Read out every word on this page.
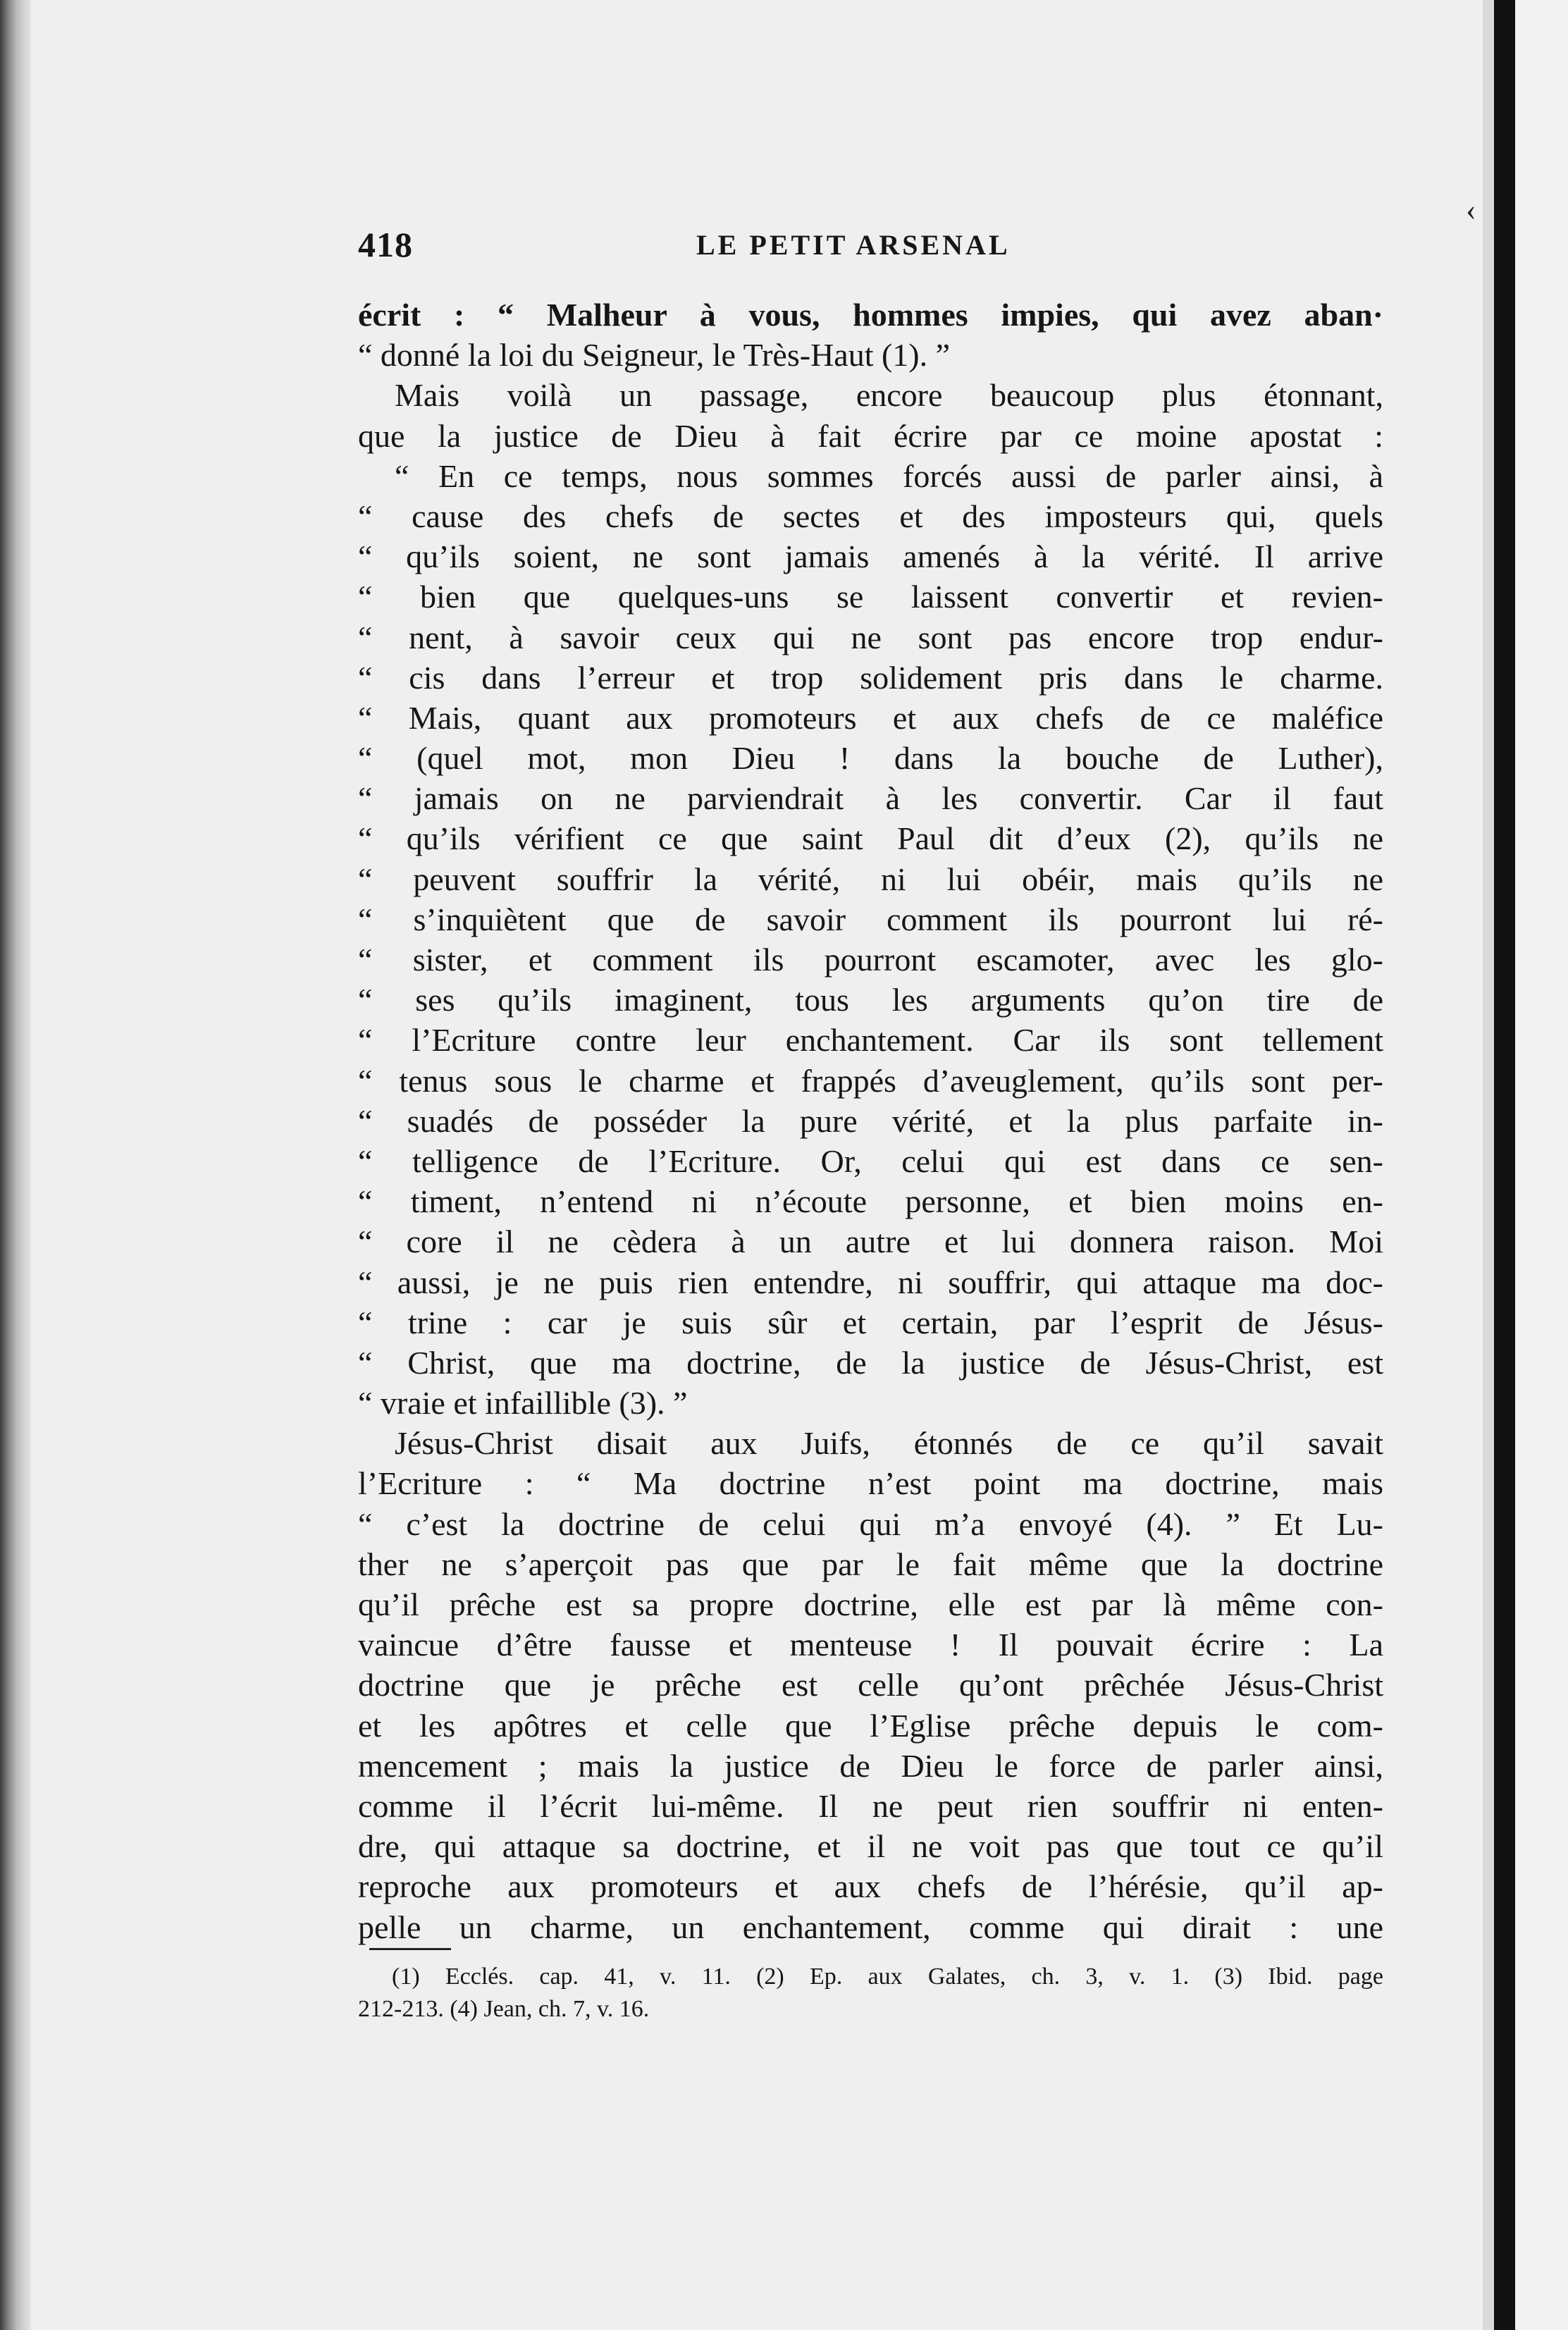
‹
418	LE PETIT ARSENAL
écrit : “ Malheur à vous, hommes impies, qui avez aban·
“ donné la loi du Seigneur, le Très-Haut (1). ”
Mais voilà un passage, encore beaucoup plus étonnant,
que la justice de Dieu à fait écrire par ce moine apostat :
“ En ce temps, nous sommes forcés aussi de parler ainsi, à
“ cause des chefs de sectes et des imposteurs qui, quels
“ qu’ils soient, ne sont jamais amenés à la vérité. Il arrive
“ bien que quelques-uns se laissent convertir et revien-
“ nent, à savoir ceux qui ne sont pas encore trop endur-
“ cis dans l’erreur et trop solidement pris dans le charme.
“ Mais, quant aux promoteurs et aux chefs de ce maléfice
“ (quel mot, mon Dieu ! dans la bouche de Luther),
“ jamais on ne parviendrait à les convertir. Car il faut
“ qu’ils vérifient ce que saint Paul dit d’eux (2), qu’ils ne
“ peuvent souffrir la vérité, ni lui obéir, mais qu’ils ne
“ s’inquiètent que de savoir comment ils pourront lui ré-
“ sister, et comment ils pourront escamoter, avec les glo-
“ ses qu’ils imaginent, tous les arguments qu’on tire de
“ l’Ecriture contre leur enchantement. Car ils sont tellement
“ tenus sous le charme et frappés d’aveuglement, qu’ils sont per-
“ suadés de posséder la pure vérité, et la plus parfaite in-
“ telligence de l’Ecriture. Or, celui qui est dans ce sen-
“ timent, n’entend ni n’écoute personne, et bien moins en-
“ core il ne cèdera à un autre et lui donnera raison. Moi
“ aussi, je ne puis rien entendre, ni souffrir, qui attaque ma doc-
“ trine : car je suis sûr et certain, par l’esprit de Jésus-
“ Christ, que ma doctrine, de la justice de Jésus-Christ, est
“ vraie et infaillible (3). ”
Jésus-Christ disait aux Juifs, étonnés de ce qu’il savait
l’Ecriture : “ Ma doctrine n’est point ma doctrine, mais
“ c’est la doctrine de celui qui m’a envoyé (4). ” Et Lu-
ther ne s’aperçoit pas que par le fait même que la doctrine
qu’il prêche est sa propre doctrine, elle est par là même con-
vaincue d’être fausse et menteuse ! Il pouvait écrire : La
doctrine que je prêche est celle qu’ont prêchée Jésus-Christ
et les apôtres et celle que l’Eglise prêche depuis le com-
mencement ; mais la justice de Dieu le force de parler ainsi,
comme il l’écrit lui-même. Il ne peut rien souffrir ni enten-
dre, qui attaque sa doctrine, et il ne voit pas que tout ce qu’il
reproche aux promoteurs et aux chefs de l’hérésie, qu’il ap-
pelle un charme, un enchantement, comme qui dirait : une
(1) Ecclés. cap. 41, v. 11. (2) Ep. aux Galates, ch. 3, v. 1. (3) Ibid. page
212-213. (4) Jean, ch. 7, v. 16.
